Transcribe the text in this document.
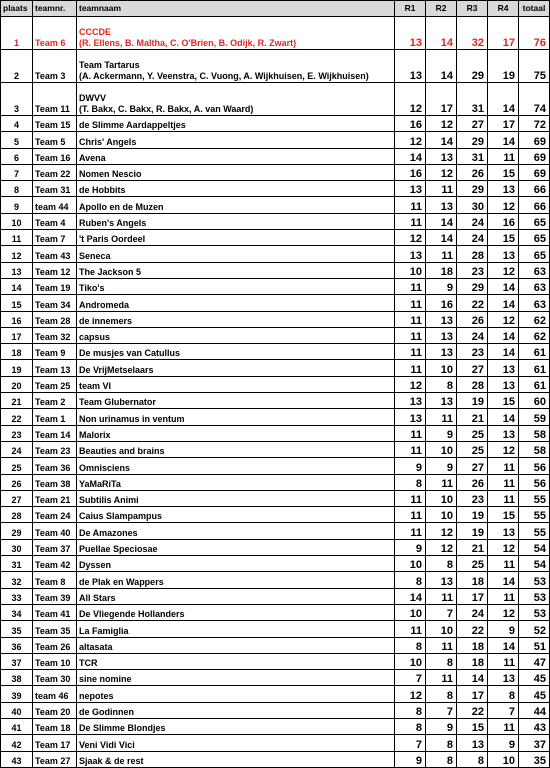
plaats	teamnr.	teamnaam	R1	R2	R3	R4	totaal
1	Team 6	CCCDE
(R. Ellens, B. Maltha, C. O'Brien, B. Odijk, R. Zwart)	13	14	32	17	76
2	Team 3	Team Tartarus
(A. Ackermann, Y. Veenstra, C. Vuong, A. Wijkhuisen, E. Wijkhuisen)	13	14	29	19	75
3	Team 11	DWVV
(T. Bakx, C. Bakx, R. Bakx, A. van Waard)	12	17	31	14	74
4	Team 15	de Slimme Aardappeltjes	16	12	27	17	72
5	Team 5	Chris' Angels	12	14	29	14	69
6	Team 16	Avena	14	13	31	11	69
7	Team 22	Nomen Nescio	16	12	26	15	69
8	Team 31	de Hobbits	13	11	29	13	66
9	team 44	Apollo en de Muzen	11	13	30	12	66
10	Team 4	Ruben's Angels	11	14	24	16	65
11	Team 7	't Paris Oordeel	12	14	24	15	65
12	Team 43	Seneca	13	11	28	13	65
13	Team 12	The Jackson 5	10	18	23	12	63
14	Team 19	Tiko's	11	9	29	14	63
15	Team 34	Andromeda	11	16	22	14	63
16	Team 28	de innemers	11	13	26	12	62
17	Team 32	capsus	11	13	24	14	62
18	Team 9	De musjes van Catullus	11	13	23	14	61
19	Team 13	De VrijMetselaars	11	10	27	13	61
20	Team 25	team VI	12	8	28	13	61
21	Team 2	Team Glubernator	13	13	19	15	60
22	Team 1	Non urinamus in ventum	13	11	21	14	59
23	Team 14	Malorix	11	9	25	13	58
24	Team 23	Beauties and brains	11	10	25	12	58
25	Team 36	Omnisciens	9	9	27	11	56
26	Team 38	YaMaRiTa	8	11	26	11	56
27	Team 21	Subtilis Animi	11	10	23	11	55
28	Team 24	Caius Slampampus	11	10	19	15	55
29	Team 40	De Amazones	11	12	19	13	55
30	Team 37	Puellae Speciosae	9	12	21	12	54
31	Team 42	Dyssen	10	8	25	11	54
32	Team 8	de Plak en Wappers	8	13	18	14	53
33	Team 39	All Stars	14	11	17	11	53
34	Team 41	De Vliegende Hollanders	10	7	24	12	53
35	Team 35	La Famiglia	11	10	22	9	52
36	Team 26	altasata	8	11	18	14	51
37	Team 10	TCR	10	8	18	11	47
38	Team 30	sine nomine	7	11	14	13	45
39	team 46	nepotes	12	8	17	8	45
40	Team 20	de Godinnen	8	7	22	7	44
41	Team 18	De Slimme Blondjes	8	9	15	11	43
42	Team 17	Veni Vidi Vici	7	8	13	9	37
43	Team 27	Sjaak & de rest	9	8	8	10	35
